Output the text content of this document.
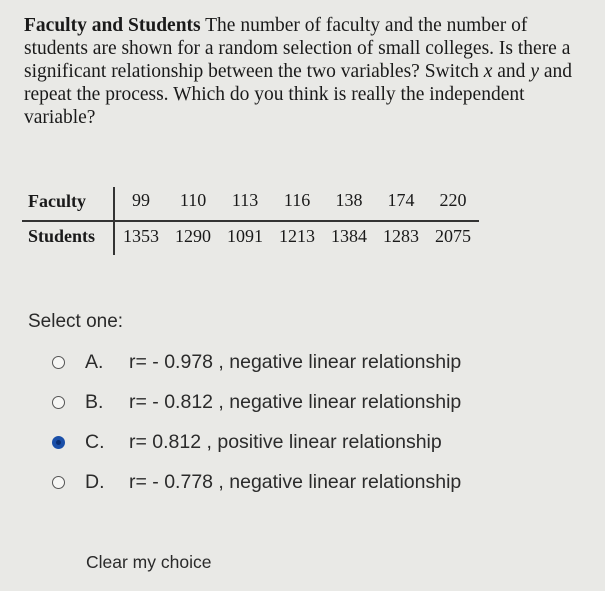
Faculty and Students The number of faculty and the number of students are shown for a random selection of small colleges. Is there a significant relationship between the two variables? Switch x and y and repeat the process. Which do you think is really the independent variable?
Faculty	99	110	113	116	138	174	220
Students	1353	1290	1091	1213	1384	1283	2075
Select one:
A.	r= - 0.978 , negative linear relationship
B.	r= - 0.812 , negative linear relationship
C.	r= 0.812 , positive linear relationship
D.	r= - 0.778 , negative linear relationship
Clear my choice
